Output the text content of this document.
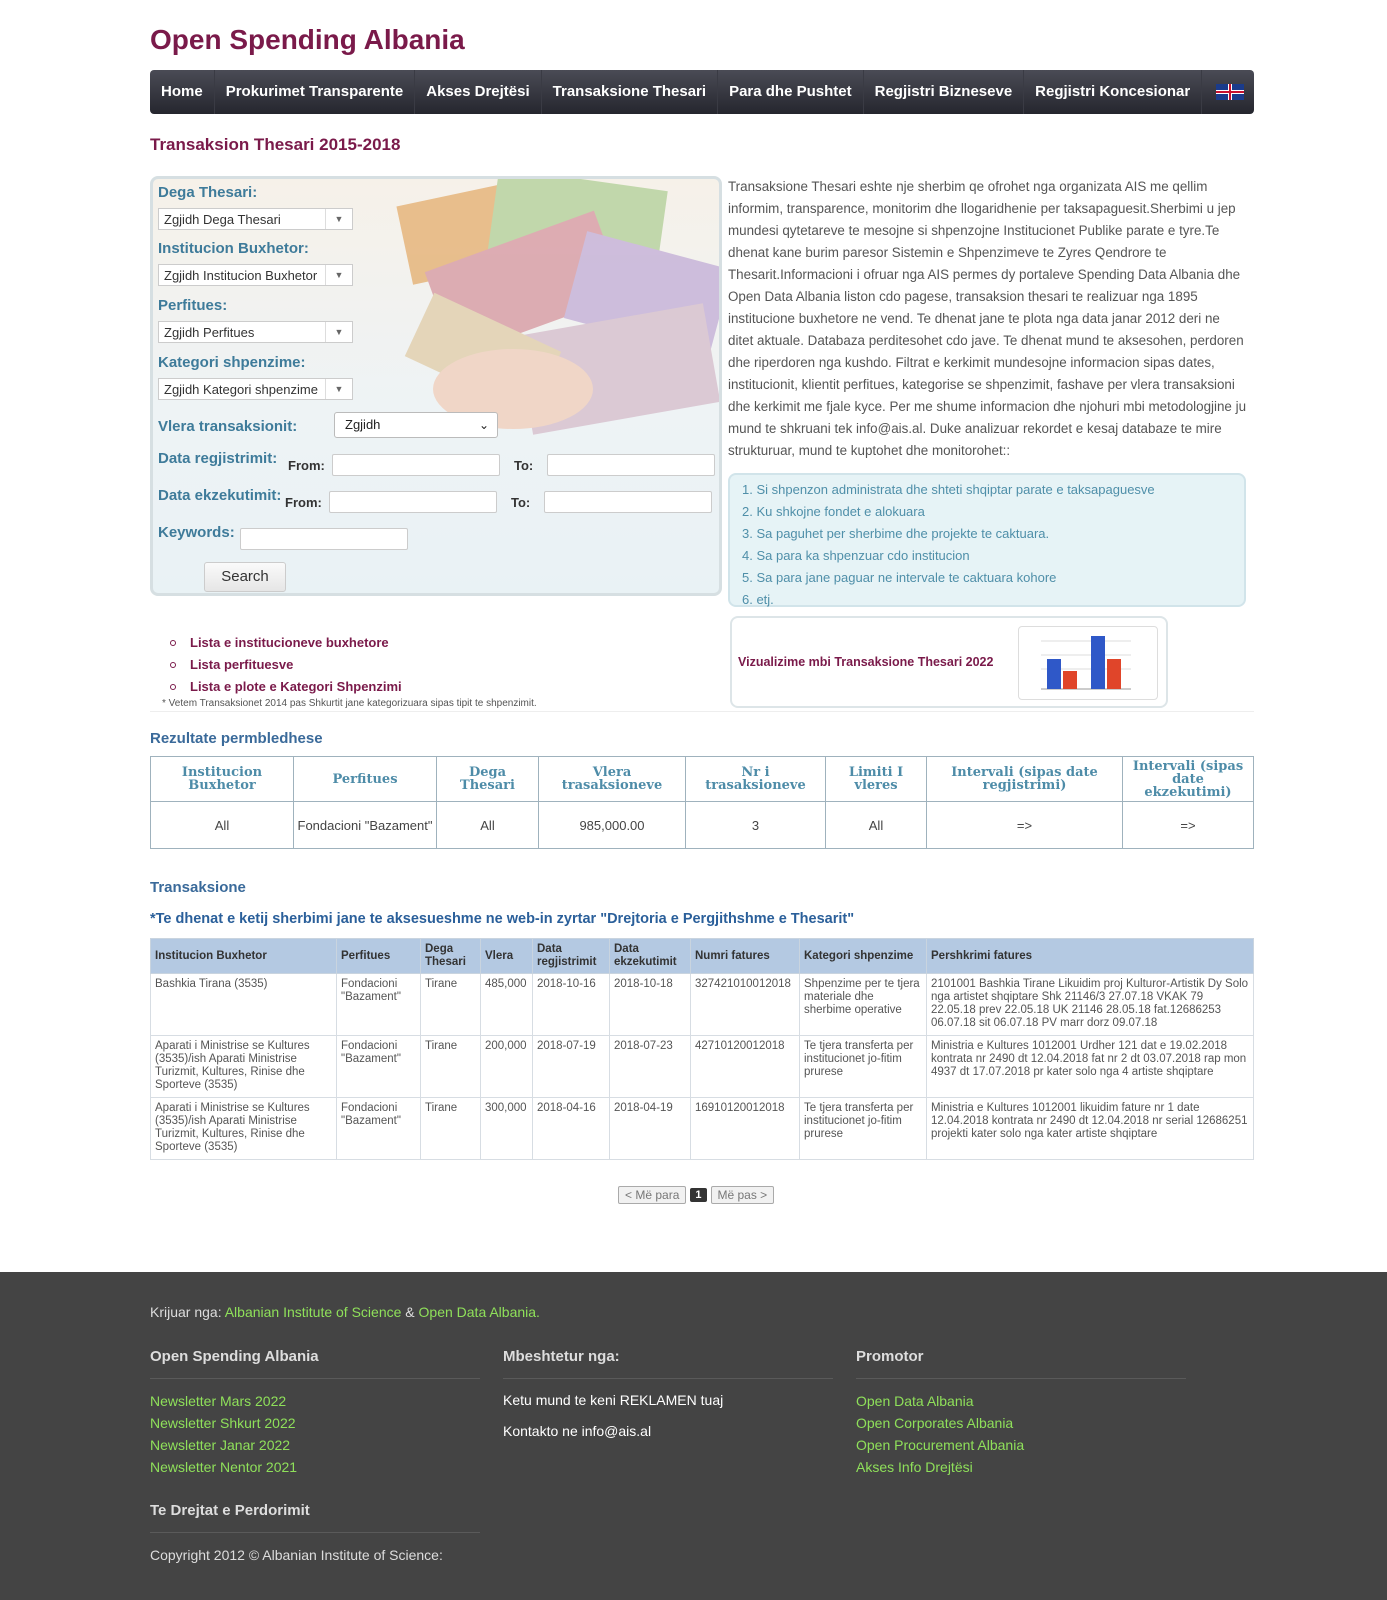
Open Spending Albania
Home	Prokurimet Transparente	Akses Drejtësi	Transaksione Thesari	Para dhe Pushtet	Regjistri Bizneseve	Regjistri Koncesionar
Transaksion Thesari 2015-2018
Dega Thesari:
Zgjidh Dega Thesari	▼
Institucion Buxhetor:
Zgjidh Institucion Buxhetor	▼
Perfitues:
Zgjidh Perfitues	▼
Kategori shpenzime:
Zgjidh Kategori shpenzime	▼
Vlera transaksionit:	Zgjidh	⌄
Data regjistrimit: From:	To:
Data ekzekutimit: From:	To:
Keywords:
Search
Transaksione Thesari eshte nje sherbim qe ofrohet nga organizata AIS me qellim informim, transparence, monitorim dhe llogaridhenie per taksapaguesit.Sherbimi u jep mundesi qytetareve te mesojne si shpenzojne Institucionet Publike parate e tyre.Te dhenat kane burim paresor Sistemin e Shpenzimeve te Zyres Qendrore te Thesarit.Informacioni i ofruar nga AIS permes dy portaleve Spending Data Albania dhe Open Data Albania liston cdo pagese, transaksion thesari te realizuar nga 1895 institucione buxhetore ne vend. Te dhenat jane te plota nga data janar 2012 deri ne ditet aktuale. Databaza perditesohet cdo jave. Te dhenat mund te aksesohen, perdoren dhe riperdoren nga kushdo. Filtrat e kerkimit mundesojne informacion sipas dates, institucionit, klientit perfitues, kategorise se shpenzimit, fashave per vlera transaksioni dhe kerkimit me fjale kyce. Per me shume informacion dhe njohuri mbi metodologjine ju mund te shkruani tek info@ais.al. Duke analizuar rekordet e kesaj databaze te mire strukturuar, mund te kuptohet dhe monitorohet::
1. Si shpenzon administrata dhe shteti shqiptar parate e taksapaguesve
2. Ku shkojne fondet e alokuara
3. Sa paguhet per sherbime dhe projekte te caktuara.
4. Sa para ka shpenzuar cdo institucion
5. Sa para jane paguar ne intervale te caktuara kohore
6. etj.
Vizualizime mbi Transaksione Thesari 2022
Lista e institucioneve buxhetore
Lista perfituesve
Lista e plote e Kategori Shpenzimi
* Vetem Transaksionet 2014 pas Shkurtit jane kategorizuara sipas tipit te shpenzimit.
Rezultate permbledhese
Institucion Buxhetor	Perfitues	Dega Thesari	Vlera trasaksioneve	Nr i trasaksioneve	Limiti I vleres	Intervali (sipas date regjistrimi)	Intervali (sipas date ekzekutimi)
All	Fondacioni "Bazament"	All	985,000.00	3	All	=>	=>
Transaksione
*Te dhenat e ketij sherbimi jane te aksesueshme ne web-in zyrtar "Drejtoria e Pergjithshme e Thesarit"
Institucion Buxhetor	Perfitues	Dega Thesari	Vlera	Data regjistrimit	Data ekzekutimit	Numri fatures	Kategori shpenzime	Pershkrimi fatures
Bashkia Tirana (3535)	Fondacioni "Bazament"	Tirane	485,000	2018-10-16	2018-10-18	327421010012018	Shpenzime per te tjera materiale dhe sherbime operative	2101001 Bashkia Tirane Likuidim proj Kulturor-Artistik Dy Solo nga artistet shqiptare Shk 21146/3 27.07.18 VKAK 79 22.05.18 prev 22.05.18 UK 21146 28.05.18 fat.12686253 06.07.18 sit 06.07.18 PV marr dorz 09.07.18
Aparati i Ministrise se Kultures (3535)/ish Aparati Ministrise Turizmit, Kultures, Rinise dhe Sporteve (3535)	Fondacioni "Bazament"	Tirane	200,000	2018-07-19	2018-07-23	42710120012018	Te tjera transferta per institucionet jo-fitim prurese	Ministria e Kultures 1012001 Urdher 121 dat e 19.02.2018 kontrata nr 2490 dt 12.04.2018 fat nr 2 dt 03.07.2018 rap mon 4937 dt 17.07.2018 pr kater solo nga 4 artiste shqiptare
Aparati i Ministrise se Kultures (3535)/ish Aparati Ministrise Turizmit, Kultures, Rinise dhe Sporteve (3535)	Fondacioni "Bazament"	Tirane	300,000	2018-04-16	2018-04-19	16910120012018	Te tjera transferta per institucionet jo-fitim prurese	Ministria e Kultures 1012001 likuidim fature nr 1 date 12.04.2018 kontrata nr 2490 dt 12.04.2018 nr serial 12686251 projekti kater solo nga kater artiste shqiptare
< Më para	1	Më pas >
Krijuar nga: Albanian Institute of Science & Open Data Albania.
Open Spending Albania
Newsletter Mars 2022
Newsletter Shkurt 2022
Newsletter Janar 2022
Newsletter Nentor 2021
Te Drejtat e Perdorimit
Copyright 2012 © Albanian Institute of Science:
Mbeshtetur nga:
Ketu mund te keni REKLAMEN tuaj
Kontakto ne info@ais.al
Promotor
Open Data Albania
Open Corporates Albania
Open Procurement Albania
Akses Info Drejtësi
